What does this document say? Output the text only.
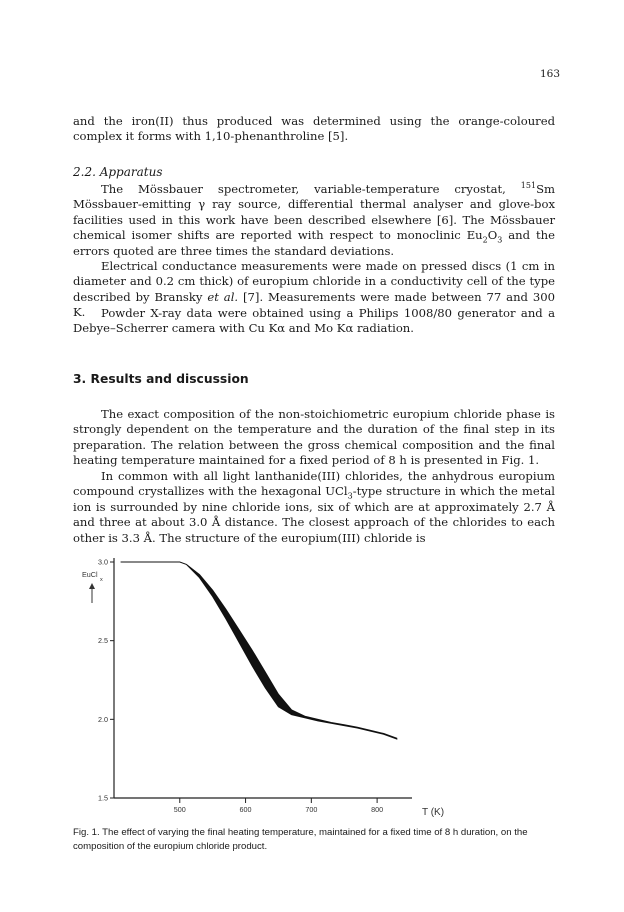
163
and the iron(II) thus produced was determined using the orange-coloured complex it forms with 1,10-phenanthroline [5].
2.2. Apparatus
The Mössbauer spectrometer, variable-temperature cryostat, $^{151}$Sm Mössbauer-emitting γ ray source, differential thermal analyser and glove-box facilities used in this work have been described elsewhere [6]. The Mössbauer chemical isomer shifts are reported with respect to monoclinic $Eu_2O_3$ and the errors quoted are three times the standard deviations.
Electrical conductance measurements were made on pressed discs (1 cm in diameter and 0.2 cm thick) of europium chloride in a conductivity cell of the type described by Bransky et al. [7]. Measurements were made between 77 and 300 K.	Powder X-ray data were obtained using a Philips 1008/80 generator and a Debye–Scherrer camera with Cu Kα and Mo Kα radiation.
3. Results and discussion
The exact composition of the non-stoichiometric europium chloride phase is strongly dependent on the temperature and the duration of the final step in its preparation. The relation between the gross chemical composition and the final heating temperature maintained for a fixed period of 8 h is presented in Fig. 1.
In common with all light lanthanide(III) chlorides, the anhydrous europium compound crystallizes with the hexagonal UCl$_3$-type structure in which the metal ion is surrounded by nine chloride ions, six of which are at approximately 2.7 Å and three at about 3.0 Å distance. The closest approach of the chlorides to each other is 3.3 Å. The structure of the europium(III) chloride is
1.5
2.0
2.5
3.0
500	600	700	800
EuCl
x
T (K)
Fig. 1. The effect of varying the final heating temperature, maintained for a fixed time of 8 h duration, on the composition of the europium chloride product.
